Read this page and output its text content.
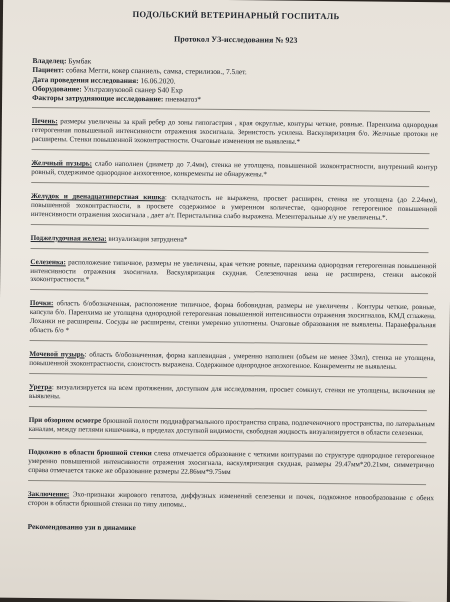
ПОДОЛЬСКИЙ ВЕТЕРИНАРНЫЙ ГОСПИТАЛЬ
Протокол УЗ-исследования № 923
Владелец: Бумбак
Пациент: собака Мегги, кокер спаниель, самка, стерилизов., 7.5лет.
Дата проведения исследования: 16.06.2020.
Оборудование: Ультразвуковой сканер S40 Exp
Факторы затрудняющие исследование: пневматоз*
Печень: размеры увеличены за край ребер до зоны гипогастрия , края округлые, контуры четкие, ровные. Паренхима однородная гетерогенная повышенной интенсивности отражения эхосигнала. Зернистость усилена. Васкуляризация б/о. Желчные протоки не расширены. Стенки повышенной эхоконтрастности. Очаговые изменения не выявлены.*
Желчный пузырь: слабо наполнен (диаметр до 7.4мм), стенка не утолщена, повышенной эхоконтрастности, внутренний контур ровный, содержимое однородное анэхогенное, конкременты не обнаружены.*
Желудок и двенадцатиперстная кишка: складчатость не выражена, просвет расширен, стенка не утолщена (до 2.24мм), повышенной эхоконтрастности, в просвете содержимое в умеренном количестве, однородное гетерогенное повышенной интенсивности отражения эхосигнала , дает а/т. Перистальтика слабо выражена. Мезентеральные л/у не увеличены.*.
Поджелудочная железа: визуализация затруднена*
Селезенка: расположение типичное, размеры не увеличены, края четкие ровные, паренхима однородная гетерогенная повышенной интенсивности отражения эхосигнала. Васкуляризация скудная. Селезеночная вена не расширена, стенки высокой эхоконтрастности.*
Почки: область б/обозначенная, расположение типичное, форма бобовидная, размеры не увеличены . Контуры четкие, ровные, капсула б/о. Паренхима не утолщена однородной гетерогенная повышенной интенсивности отражения эхосигналов, КМД сглажена. Лоханки не расширены. Сосуды не расширены, стенки умеренно уплотнены. Очаговые образования не выявлены. Паранефральная область б/о *
Мочевой пузырь: область б/обозначенная, форма каплевидная , умеренно наполнен (объем не менее 33мл), стенка не утолщена, повышенной эхоконтрастности, слоистость выражена. Содержимое однородное анэхогенное. Конкременты не выявлены.
Уретра: визуализируется на всем протяжении, доступном для исследования, просвет сомкнут, стенки не утолщены, включения не выявлены.
При обзорном осмотре брюшной полости поддиафрагмального пространства справа, подпеченочного пространства, по латеральным каналам, между петлями кишечника, в пределах доступной видимости, свободная жидкость визуализируется в области селезенки.
Подкожно в области брюшной стенки слева отмечается образование с четкими контурами по структуре однородное гетерогенное умеренно повышенной интенсивности отражения эхосигнала, васкуляризация скудная, размеры 29.47мм*20.21мм, симметрично справа отмечается также же образование размеры 22.86мм*9.75мм
Заключение: Эхо-признаки жирового гепатоза, диффузных изменений селезенки и почек, подкожное новообразование с обеих сторон в области брюшной стенки по типу липомы..
Рекомендованно узи в динамике
